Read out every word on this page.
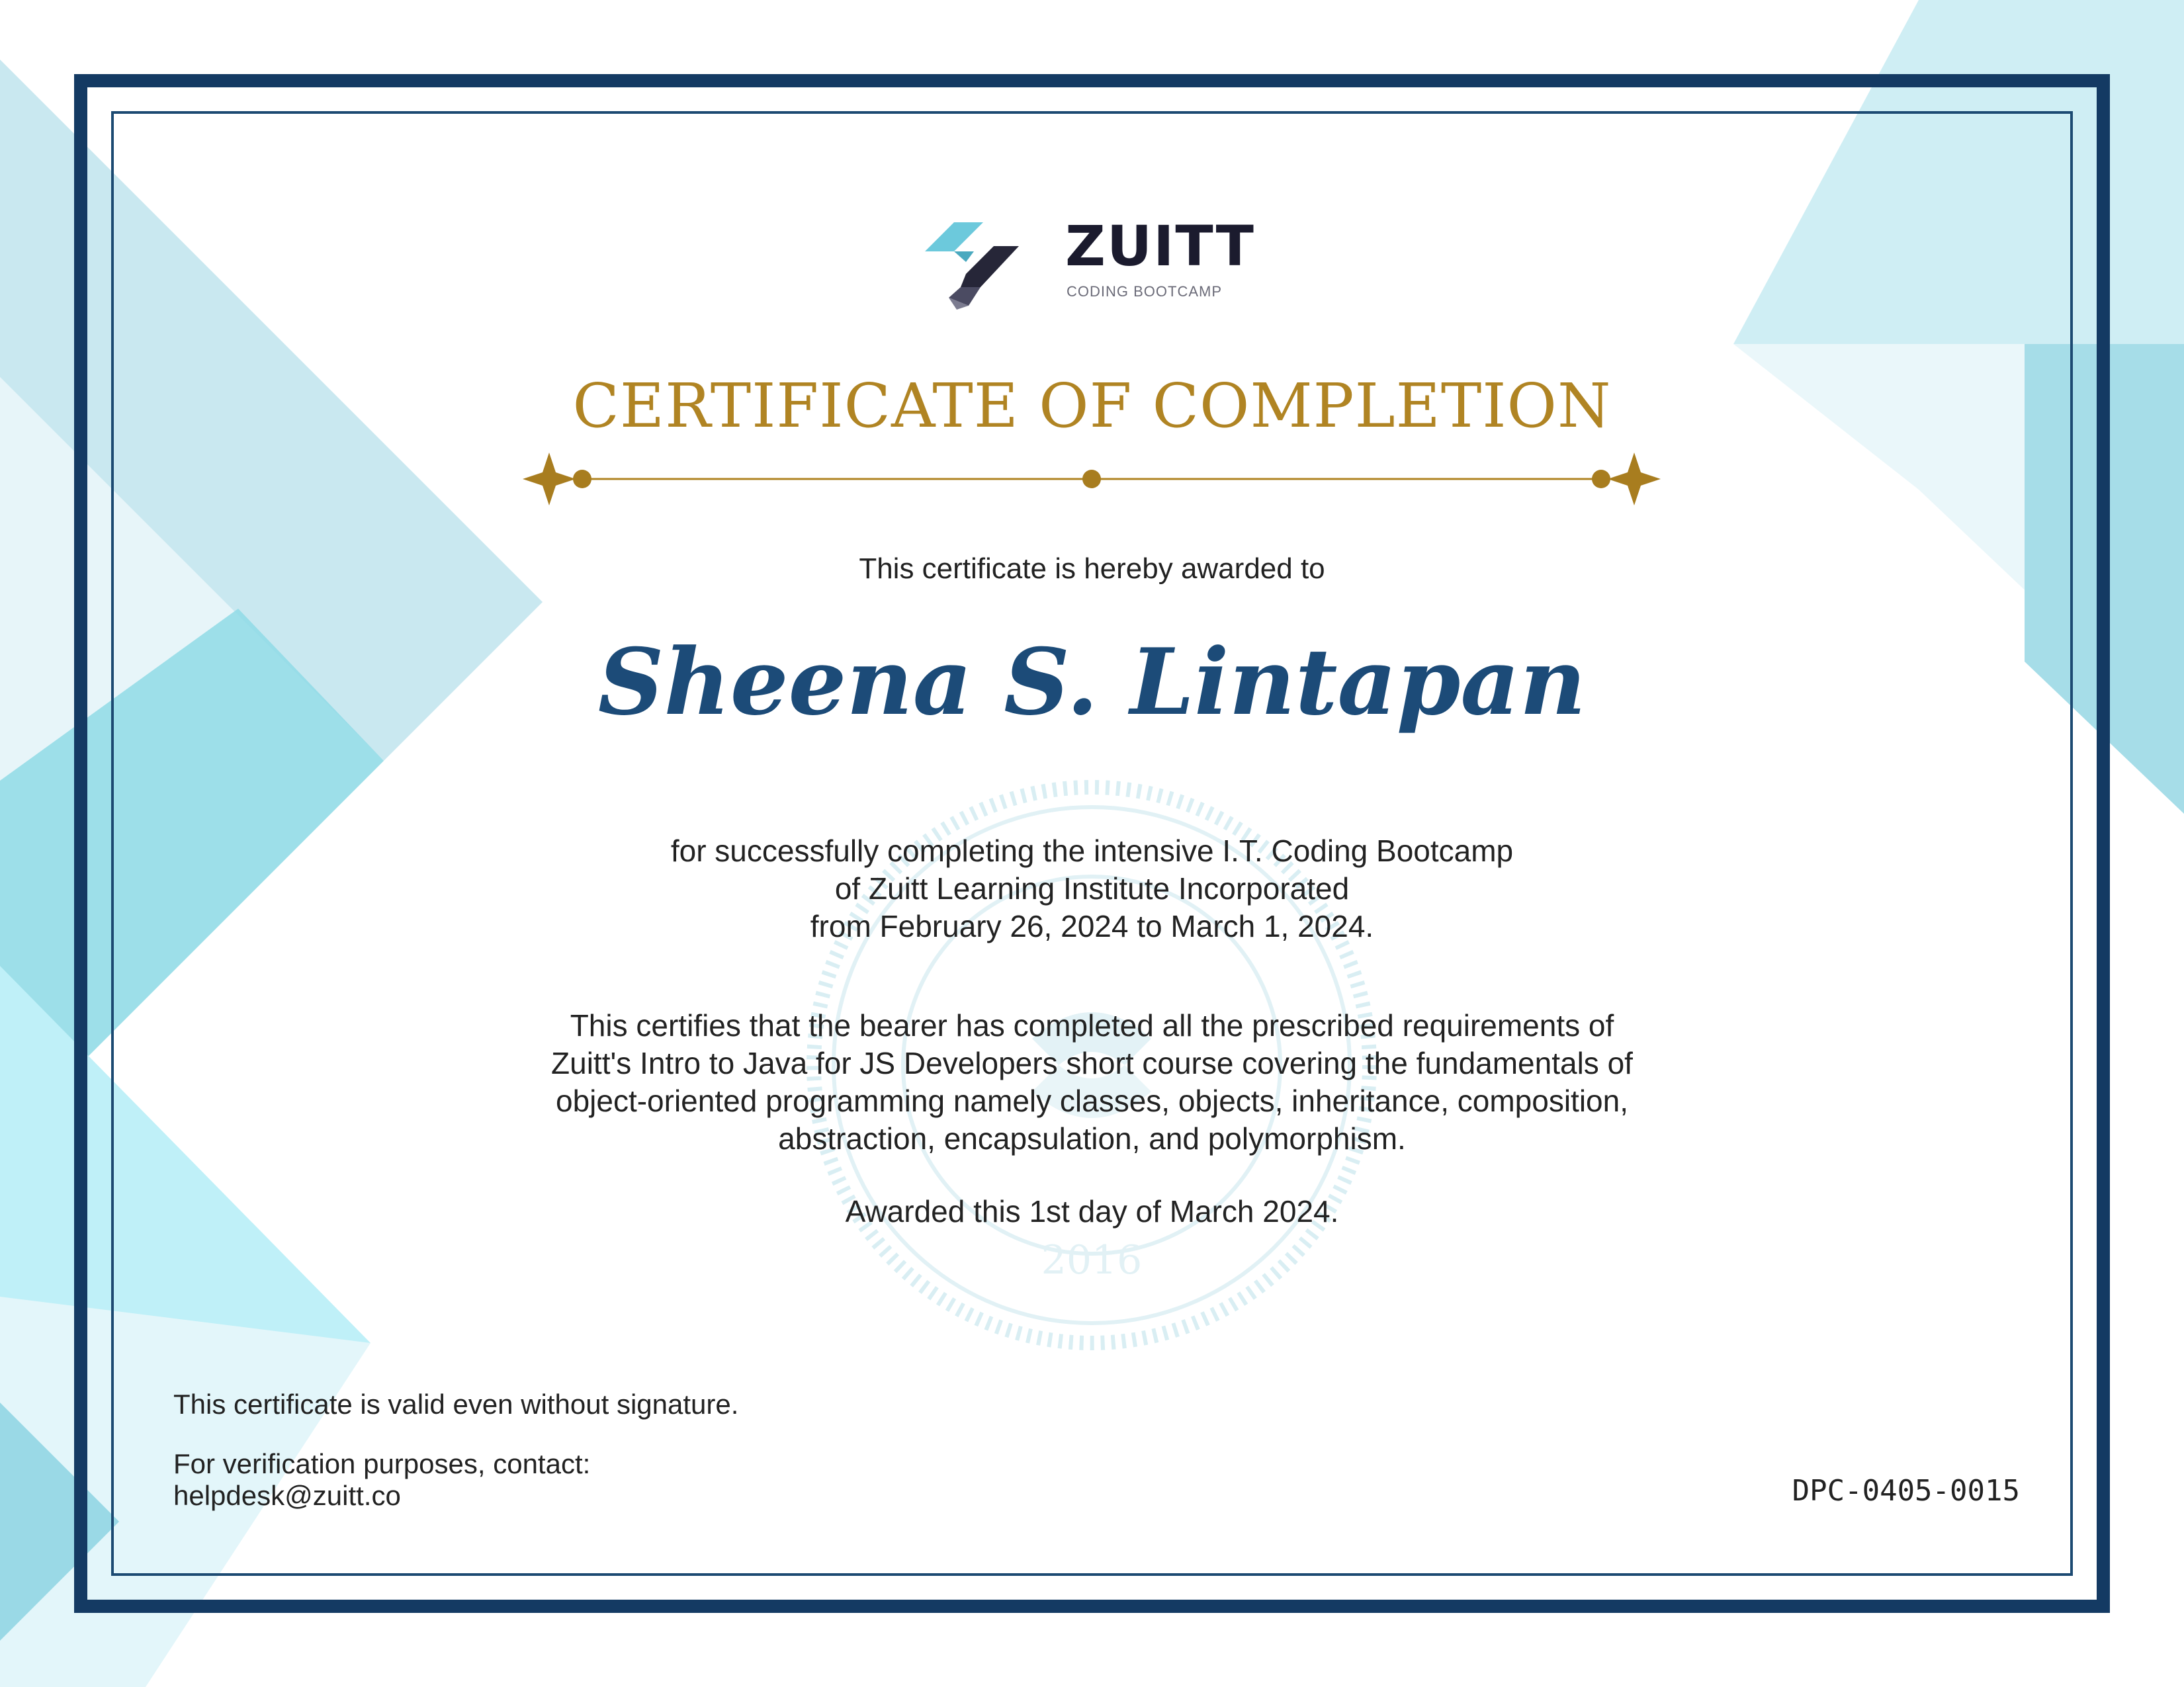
2016
ZUITT
CODING BOOTCAMP
CERTIFICATE OF COMPLETION
This certificate is hereby awarded to
Sheena S. Lintapan
for successfully completing the intensive I.T. Coding Bootcamp
of Zuitt Learning Institute Incorporated
from February 26, 2024 to March 1, 2024.
This certifies that the bearer has completed all the prescribed requirements of
Zuitt's Intro to Java for JS Developers short course covering the fundamentals of
object-oriented programming namely classes, objects, inheritance, composition,
abstraction, encapsulation, and polymorphism.
Awarded this 1st day of March 2024.
This certificate is valid even without signature.
For verification purposes, contact:
helpdesk@zuitt.co	DPC-0405-0015
